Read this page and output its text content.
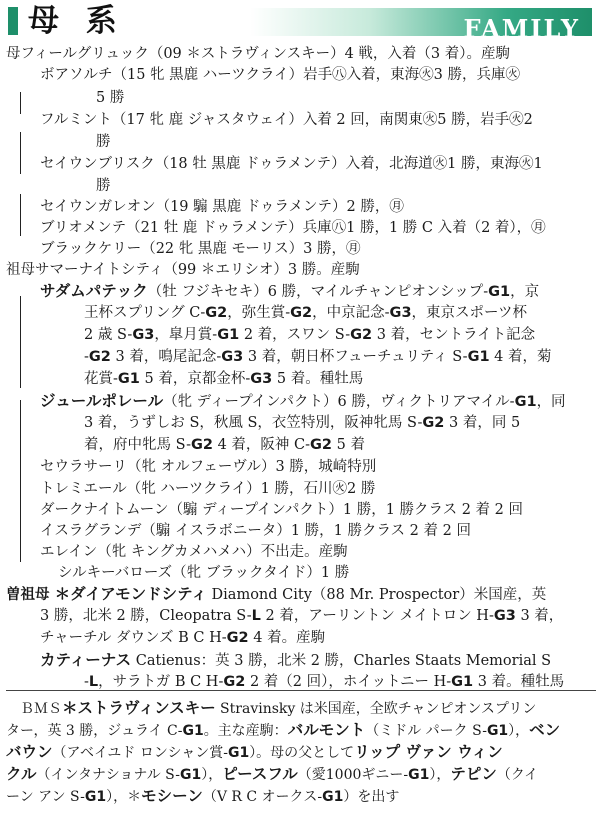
母 系	FAMILY
母フィールグリュック（09 ＊ストラヴィンスキー）4 戦，入着（3 着）。産駒
ボアソルチ（15 牝 黒鹿 ハーツクライ）岩手㊇入着，東海㊋3 勝，兵庫㊋
5 勝
フルミント（17 牝 鹿 ジャスタウェイ）入着 2 回，南関東㊋5 勝，岩手㊋2
勝
セイウンブリスク（18 牡 黒鹿 ドゥラメンテ）入着，北海道㊋1 勝，東海㊋1
勝
セイウンガレオン（19 騸 黒鹿 ドゥラメンテ）2 勝，㊊
ブリオメンテ（21 牡 鹿 ドゥラメンテ）兵庫㊇1 勝，1 勝 C 入着（2 着），㊊
ブラックケリー（22 牝 黒鹿 モーリス）3 勝，㊊
祖母サマーナイトシティ（99 ＊エリシオ）3 勝。産駒
サダムパテック（牡 フジキセキ）6 勝，マイルチャンピオンシップ-G1，京
王杯スプリング C-G2，弥生賞-G2，中京記念-G3，東京スポーツ杯
2 歳 S-G3，皐月賞-G1 2 着，スワン S-G2 3 着，セントライト記念
-G2 3 着，鳴尾記念-G3 3 着，朝日杯フューチュリティ S-G1 4 着，菊
花賞-G1 5 着，京都金杯-G3 5 着。種牡馬
ジュールポレール（牝 ディープインパクト）6 勝，ヴィクトリアマイル-G1，同
3 着，うずしお S，秋風 S，衣笠特別，阪神牝馬 S-G2 3 着，同 5
着，府中牝馬 S-G2 4 着，阪神 C-G2 5 着
セウラサーリ（牝 オルフェーヴル）3 勝，城崎特別
トレミエール（牝 ハーツクライ）1 勝，石川㊋2 勝
ダークナイトムーン（騸 ディープインパクト）1 勝，1 勝クラス 2 着 2 回
イスラグランデ（騸 イスラボニータ）1 勝，1 勝クラス 2 着 2 回
エレイン（牝 キングカメハメハ）不出走。産駒
シルキーバローズ（牝 ブラックタイド）1 勝
曽祖母 ＊ダイアモンドシティ Diamond City（88 Mr. Prospector）米国産，英
3 勝，北米 2 勝，Cleopatra S-L 2 着，アーリントン メイトロン H-G3 3 着，
チャーチル ダウンズ B C H-G2 4 着。産駒
カティーナス Catienus：英 3 勝，北米 2 勝，Charles Staats Memorial S
-L，サラトガ B C H-G2 2 着（2 回），ホイットニー H-G1 3 着。種牡馬
ＢＭＳ＊ストラヴィンスキー Stravinsky は米国産，全欧チャンピオンスプリン
ター，英 3 勝，ジュライ C-G1。主な産駒：バルモント（ミドル パーク S-G1），ベン
バウン（アベイユド ロンシャン賞-G1）。母の父としてリップ ヴァン ウィン
クル（インタナショナル S-G1），ピースフル（愛1000ギニー-G1），テピン（クイ
ーン アン S-G1），＊モシーン（V R C オークス-G1）を出す
